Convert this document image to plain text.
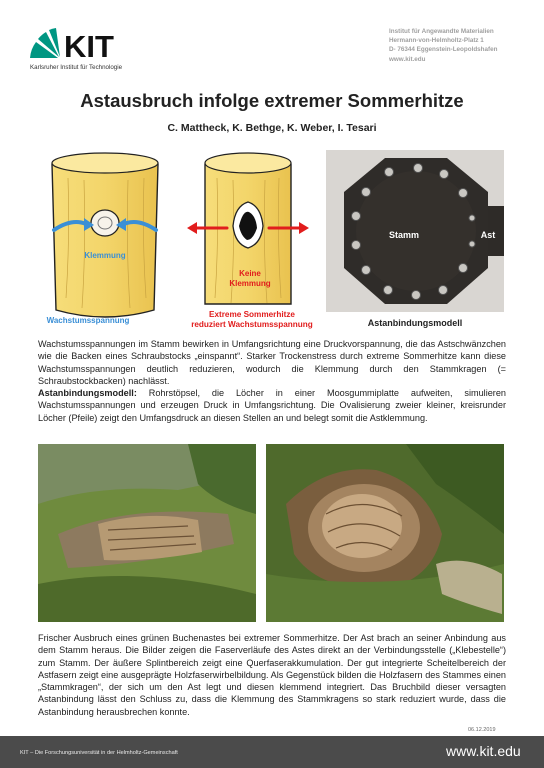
KIT
Karlsruher Institut für Technologie
Institut für Angewandte Materialien
Hermann-von-Helmholtz-Platz 1
D- 76344 Eggenstein-Leopoldshafen
www.kit.edu
Astausbruch infolge extremer Sommerhitze
C. Mattheck, K. Bethge, K. Weber, I. Tesari
Klemmung
Wachstumsspannung
Keine
Klemmung
Extreme Sommerhitze
reduziert Wachstumsspannung
Stamm	Ast
Astanbindungsmodell
Wachstumsspannungen im Stamm bewirken in Umfangsrichtung eine Druckvorspannung, die das Astschwänzchen wie die Backen eines Schraubstocks „einspannt“. Starker Trockenstress durch extreme Sommerhitze kann diese Wachstumsspannungen deutlich reduzieren, wodurch die Klemmung durch den Stammkragen (= Schraubstockbacken) nachlässt.
Astanbindungsmodell: Rohrstöpsel, die Löcher in einer Moosgummiplatte aufweiten, simulieren Wachstumsspannungen und erzeugen Druck in Umfangsrichtung. Die Ovalisierung zweier kleiner, kreisrunder Löcher (Pfeile) zeigt den Umfangsdruck an diesen Stellen an und belegt somit die Astklemmung.
Frischer Ausbruch eines grünen Buchenastes bei extremer Sommerhitze. Der Ast brach an seiner Anbindung aus dem Stamm heraus. Die Bilder zeigen die Faserverläufe des Astes direkt an der Verbindungsstelle („Klebestelle“) zum Stamm. Der äußere Splintbereich zeigt eine Querfaserakkumulation. Der gut integrierte Scheitelbereich der Astfasern zeigt eine ausgeprägte Holzfaserwirbelbildung. Als Gegenstück bilden die Holzfasern des Stammes einen „Stammkragen“, der sich um den Ast legt und diesen klemmend integriert. Das Bruchbild dieser versagten Astanbindung lässt den Schluss zu, dass die Klemmung des Stammkragens so stark reduziert wurde, dass die Astanbindung herausbrechen konnte.
06.12.2019
KIT – Die Forschungsuniversität in der Helmholtz-Gemeinschaft	www.kit.edu
